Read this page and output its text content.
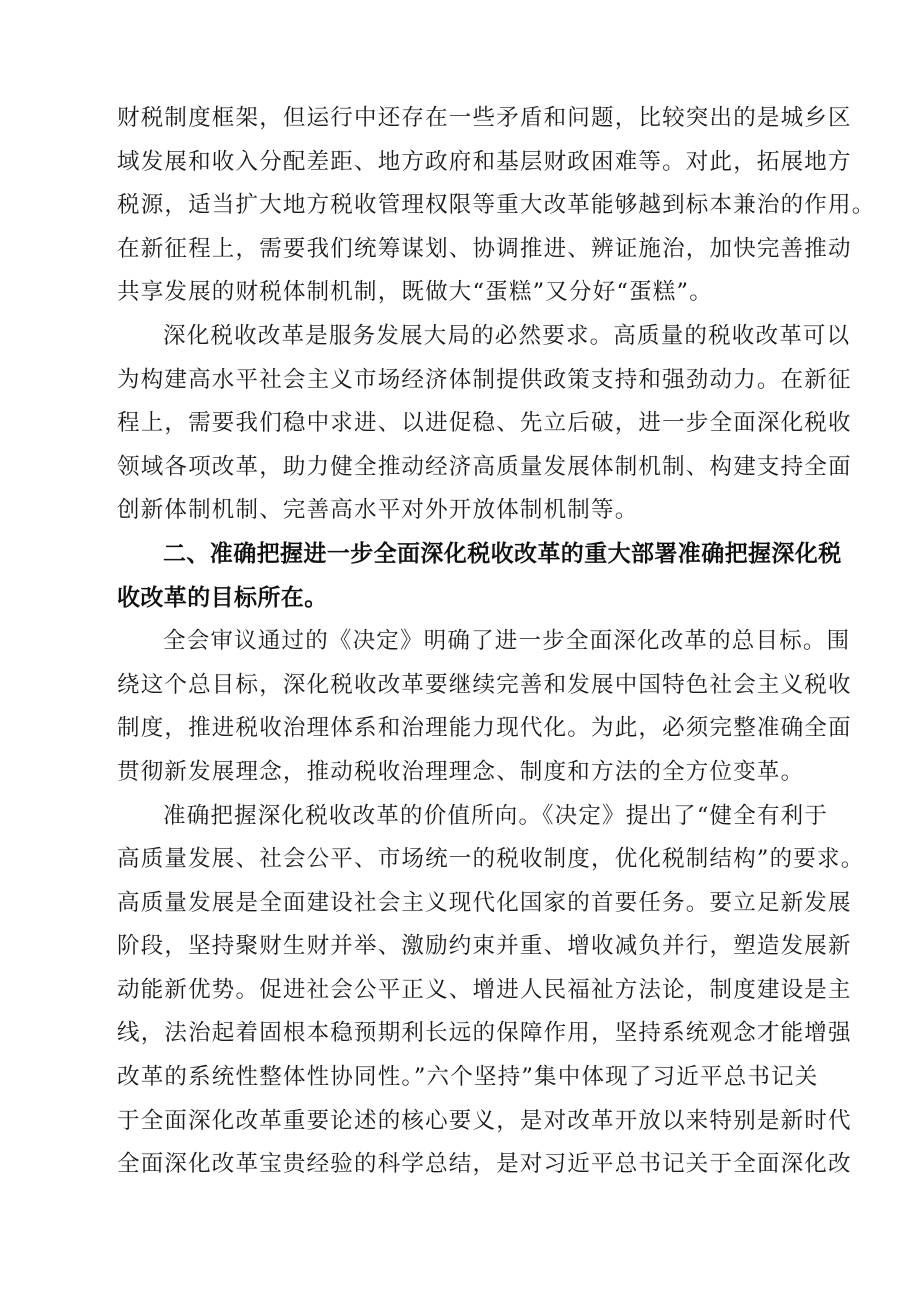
财税制度框架，但运行中还存在一些矛盾和问题，比较突出的是城乡区
域发展和收入分配差距、地方政府和基层财政困难等。对此，拓展地方
税源，适当扩大地方税收管理权限等重大改革能够越到标本兼治的作用。
在新征程上，需要我们统筹谋划、协调推进、辨证施治，加快完善推动
共享发展的财税体制机制，既做大“蛋糕”又分好“蛋糕”。
深化税收改革是服务发展大局的必然要求。高质量的税收改革可以
为构建高水平社会主义市场经济体制提供政策支持和强劲动力。在新征
程上，需要我们稳中求进、以进促稳、先立后破，进一步全面深化税收
领域各项改革，助力健全推动经济高质量发展体制机制、构建支持全面
创新体制机制、完善高水平对外开放体制机制等。
二、准确把握进一步全面深化税收改革的重大部署准确把握深化税
收改革的目标所在。
全会审议通过的《决定》明确了进一步全面深化改革的总目标。围
绕这个总目标，深化税收改革要继续完善和发展中国特色社会主义税收
制度，推进税收治理体系和治理能力现代化。为此，必须完整准确全面
贯彻新发展理念，推动税收治理理念、制度和方法的全方位变革。
准确把握深化税收改革的价值所向。《决定》提出了“健全有利于
高质量发展、社会公平、市场统一的税收制度，优化税制结构”的要求。
高质量发展是全面建设社会主义现代化国家的首要任务。要立足新发展
阶段，坚持聚财生财并举、激励约束并重、增收减负并行，塑造发展新
动能新优势。促进社会公平正义、增进人民福祉方法论，制度建设是主
线，法治起着固根本稳预期利长远的保障作用，坚持系统观念才能增强
改革的系统性整体性协同性。”六个坚持”集中体现了习近平总书记关
于全面深化改革重要论述的核心要义，是对改革开放以来特别是新时代
全面深化改革宝贵经验的科学总结，是对习近平总书记关于全面深化改
